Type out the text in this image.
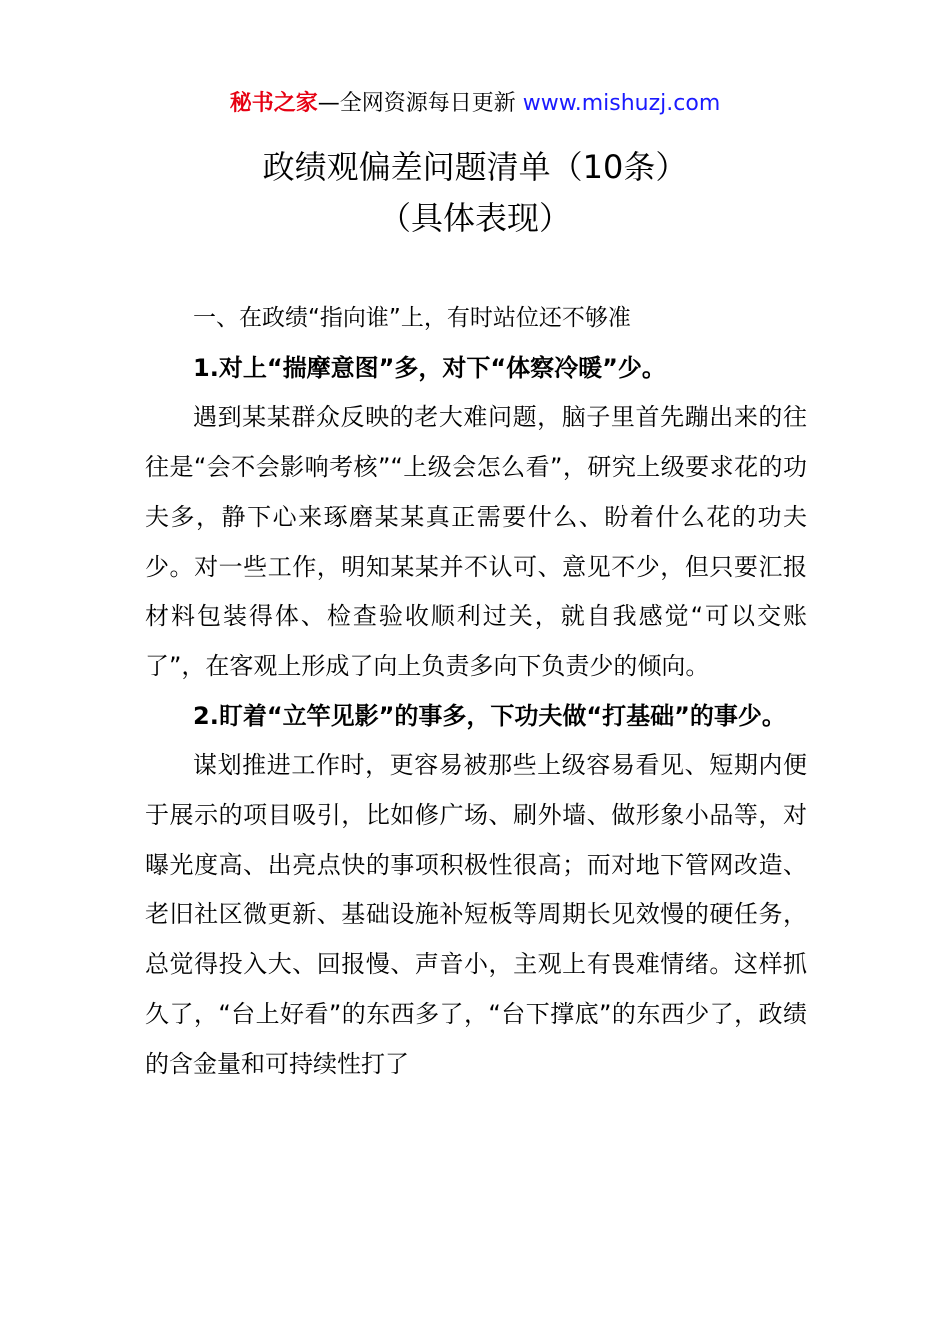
秘书之家—全网资源每日更新 www.mishuzj.com
政绩观偏差问题清单（10条）
（具体表现）

一、在政绩“指向谁”上，有时站位还不够准

1.对上“揣摩意图”多，对下“体察冷暖”少。

遇到某某群众反映的老大难问题，脑子里首先蹦出来的往往是“会不会影响考核”“上级会怎么看”，研究上级要求花的功夫多，静下心来琢磨某某真正需要什么、盼着什么花的功夫少。对一些工作，明知某某并不认可、意见不少，但只要汇报材料包装得体、检查验收顺利过关，就自我感觉“可以交账了”，在客观上形成了向上负责多向下负责少的倾向。

2.盯着“立竿见影”的事多，下功夫做“打基础”的事少。

谋划推进工作时，更容易被那些上级容易看见、短期内便于展示的项目吸引，比如修广场、刷外墙、做形象小品等，对曝光度高、出亮点快的事项积极性很高；而对地下管网改造、老旧社区微更新、基础设施补短板等周期长见效慢的硬任务，总觉得投入大、回报慢、声音小，主观上有畏难情绪。这样抓久了，“台上好看”的东西多了，“台下撑底”的东西少了，政绩的含金量和可持续性打了
